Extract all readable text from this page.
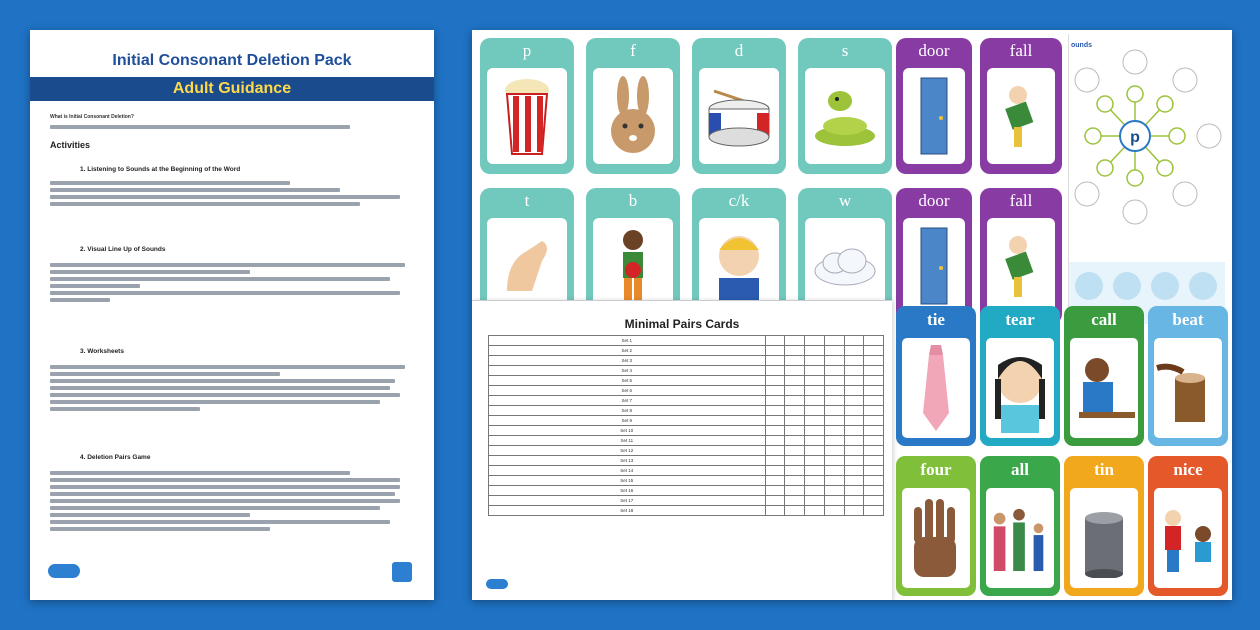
Initial Consonant Deletion Pack
Adult Guidance
What is Initial Consonant Deletion?
Activities
1. Listening to Sounds at the Beginning of the Word
2. Visual Line Up of Sounds
3. Worksheets
4. Deletion Pairs Game
p	f	d	s
t	b	c/k	w
door	fall
door	fall
ounds
p
Minimal Pairs Cards
Set 1						
Set 2						
Set 3						
Set 4						
Set 5						
Set 6						
Set 7						
Set 8						
Set 9						
Set 10						
Set 11						
Set 12						
Set 13						
Set 14						
Set 15						
Set 16						
Set 17						
Set 18						
tie	tear	call	beat
four	all	tin	nice
